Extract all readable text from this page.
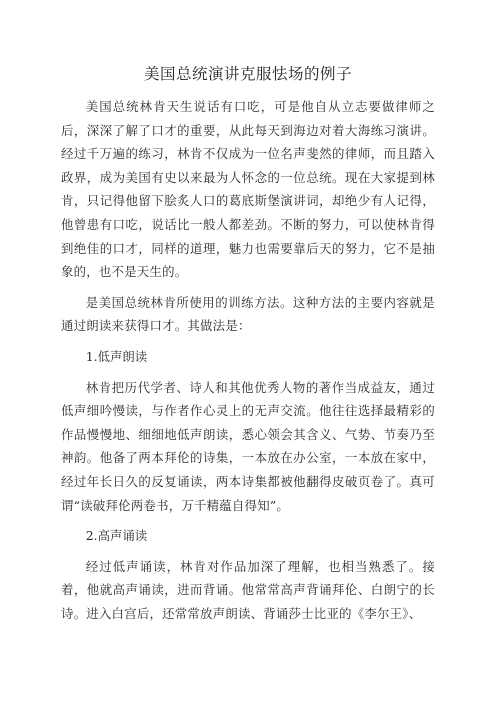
美国总统演讲克服怯场的例子

美国总统林肯天生说话有口吃，可是他自从立志要做律师之后，深深了解了口才的重要，从此每天到海边对着大海练习演讲。经过千万遍的练习，林肯不仅成为一位名声斐然的律师，而且踏入政界，成为美国有史以来最为人怀念的一位总统。现在大家提到林肯，只记得他留下脍炙人口的葛底斯堡演讲词，却绝少有人记得，他曾患有口吃，说话比一般人都差劲。不断的努力，可以使林肯得到绝佳的口才，同样的道理，魅力也需要靠后天的努力，它不是抽象的，也不是天生的。

是美国总统林肯所使用的训练方法。这种方法的主要内容就是通过朗读来获得口才。其做法是：

1.低声朗读

林肯把历代学者、诗人和其他优秀人物的著作当成益友，通过低声细吟慢读，与作者作心灵上的无声交流。他往往选择最精彩的作品慢慢地、细细地低声朗读，悉心领会其含义、气势、节奏乃至神韵。他备了两本拜伦的诗集，一本放在办公室，一本放在家中，经过年长日久的反复诵读，两本诗集都被他翻得皮破页卷了。真可谓“读破拜伦两卷书，万千精蕴自得知”。

2.高声诵读

经过低声诵读，林肯对作品加深了理解，也相当熟悉了。接着，他就高声诵读，进而背诵。他常常高声背诵拜伦、白朗宁的长诗。进入白宫后，还常常放声朗读、背诵莎士比亚的《李尔王》、
